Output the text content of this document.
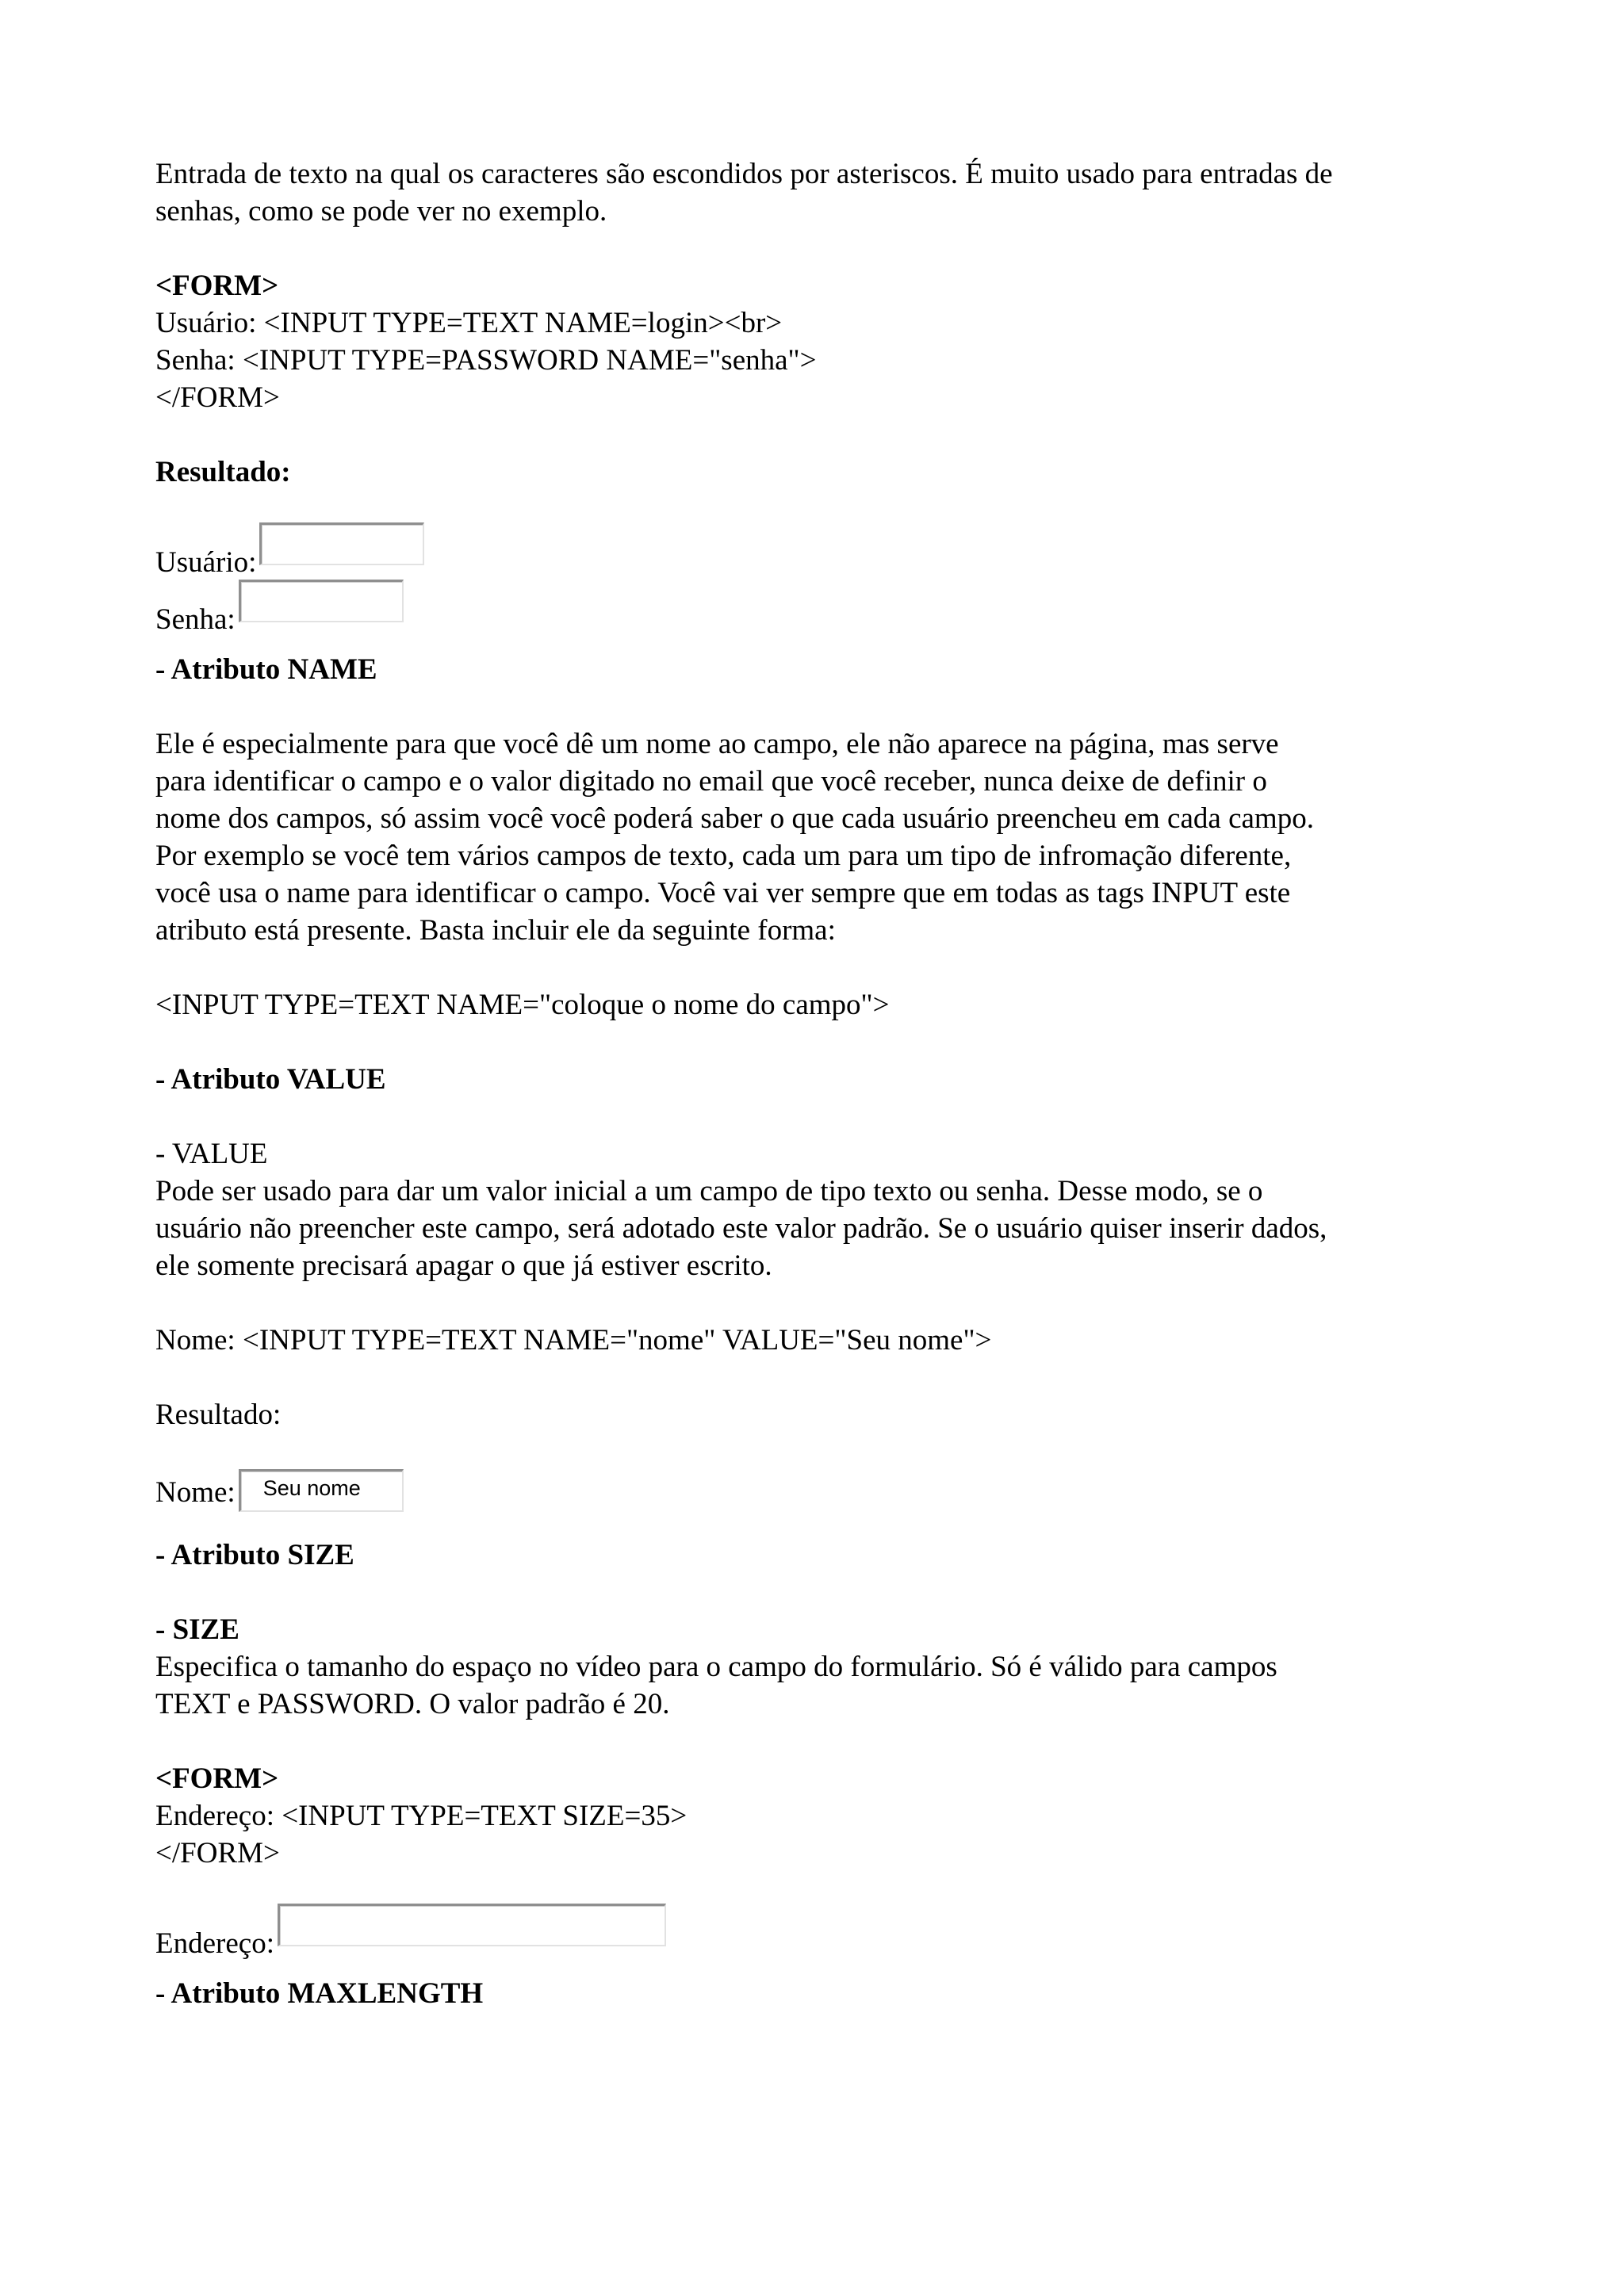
Entrada de texto na qual os caracteres são escondidos por asteriscos. É muito usado para entradas de

senhas, como se pode ver no exemplo.

<FORM>

Usuário: <INPUT TYPE=TEXT NAME=login><br>

Senha: <INPUT TYPE=PASSWORD NAME="senha">

</FORM>

Resultado:

Usuário:

Senha:

- Atributo NAME

Ele é especialmente para que você dê um nome ao campo, ele não aparece na página, mas serve

para identificar o campo e o valor digitado no email que você receber, nunca deixe de definir o

nome dos campos, só assim você você poderá saber o que cada usuário preencheu em cada campo.

Por exemplo se você tem vários campos de texto, cada um para um tipo de infromação diferente,

você usa o name para identificar o campo. Você vai ver sempre que em todas as tags INPUT este

atributo está presente. Basta incluir ele da seguinte forma:

<INPUT TYPE=TEXT NAME="coloque o nome do campo">

- Atributo VALUE

- VALUE

Pode ser usado para dar um valor inicial a um campo de tipo texto ou senha. Desse modo, se o

usuário não preencher este campo, será adotado este valor padrão. Se o usuário quiser inserir dados,

ele somente precisará apagar o que já estiver escrito.

Nome: <INPUT TYPE=TEXT NAME="nome" VALUE="Seu nome">

Resultado:

Nome: Seu nome

- Atributo SIZE

- SIZE

Especifica o tamanho do espaço no vídeo para o campo do formulário. Só é válido para campos

TEXT e PASSWORD. O valor padrão é 20.

<FORM>

Endereço: <INPUT TYPE=TEXT SIZE=35>

</FORM>

Endereço:

- Atributo MAXLENGTH
